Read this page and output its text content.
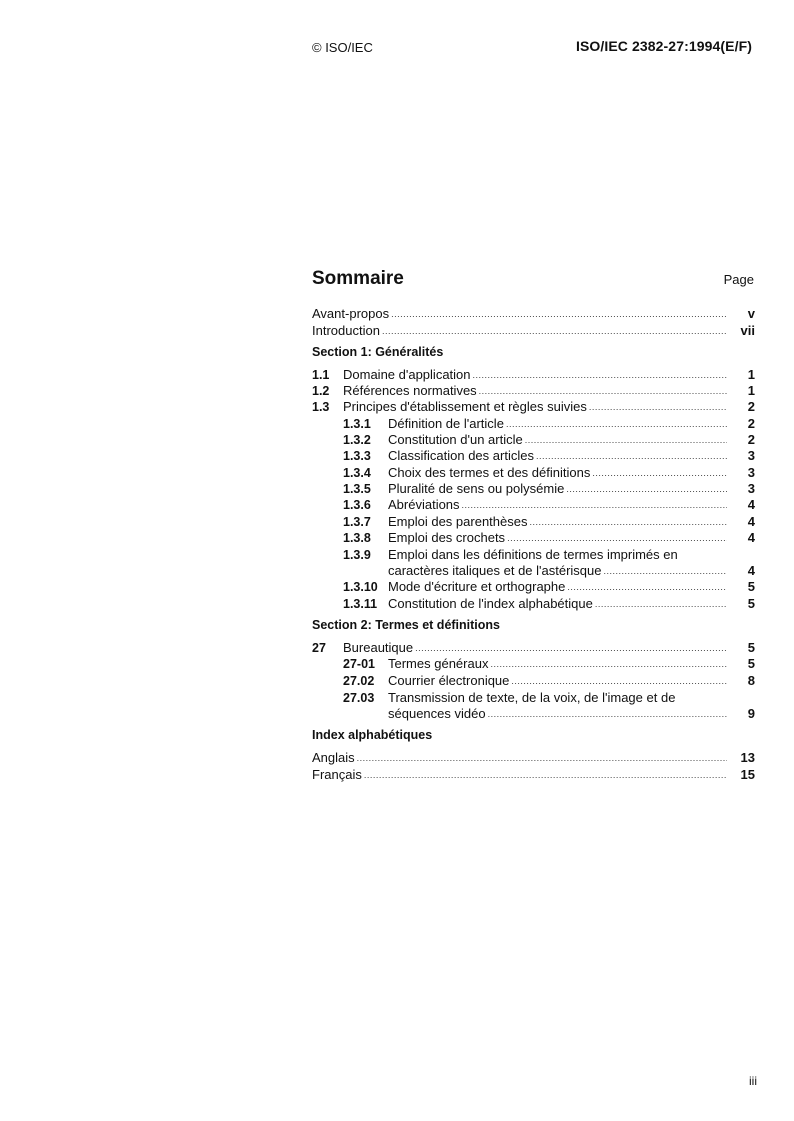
© ISO/IEC	ISO/IEC 2382-27:1994(E/F)
Sommaire	Page
Avant-propos .....	v
Introduction .....	vii
Section 1: Généralités
1.1	Domaine d'application .....	1
1.2	Références normatives .....	1
1.3	Principes d'établissement et règles suivies .....	2
1.3.1	Définition de l'article .....	2
1.3.2	Constitution d'un article .....	2
1.3.3	Classification des articles .....	3
1.3.4	Choix des termes et des définitions .....	3
1.3.5	Pluralité de sens ou polysémie .....	3
1.3.6	Abréviations .....	4
1.3.7	Emploi des parenthèses .....	4
1.3.8	Emploi des crochets .....	4
1.3.9	Emploi dans les définitions de termes imprimés en
caractères italiques et de l'astérisque .....	4
1.3.10 Mode d'écriture et orthographe .....	5
1.3.11 Constitution de l'index alphabétique .....	5
Section 2: Termes et définitions
27	Bureautique .....	5
27-01	Termes généraux .....	5
27.02	Courrier électronique .....	8
27.03	Transmission de texte, de la voix, de l'image et de
séquences vidéo .....	9
Index alphabétiques
Anglais .....	13
Français .....	15
iii
